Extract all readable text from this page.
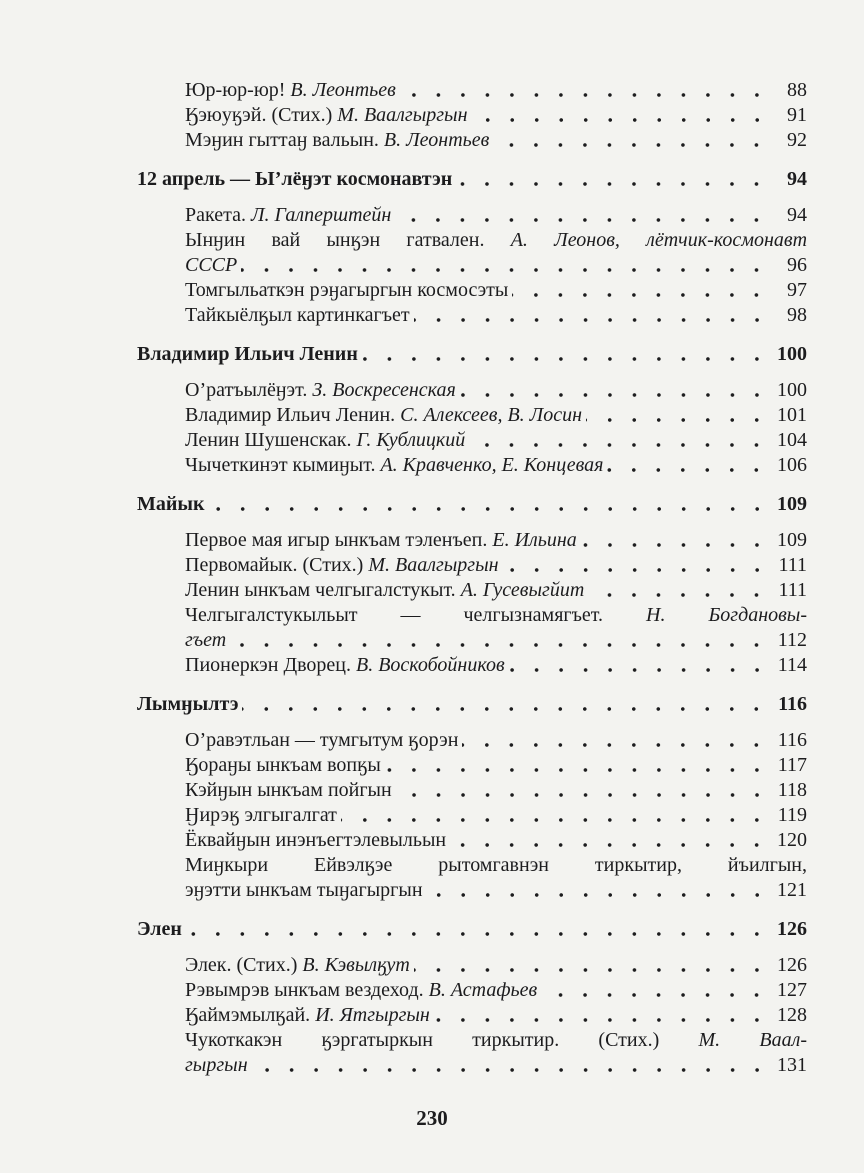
Юр-юр-юр! В. Леонтьев	88
Ӄэюуӄэй. (Стих.) М. Ваалгыргын	91
Мэӈин гыттаӈ вальын. В. Леонтьев	92
12 апрель — Ы’лёӈэт космонавтэн	94
Ракета. Л. Галперштейн	94
Ынӈин вай ынӄэн гатвален. А. Леонов, лётчик-космонавт
СССР	96
Томгыльаткэн рэӈагыргын космосэты	97
Тайкыёлӄыл картинкагъет	98
Владимир Ильич Ленин	100
О’ратъылёӈэт. З. Воскресенская	100
Владимир Ильич Ленин. С. Алексеев, В. Лосин	101
Ленин Шушенскак. Г. Кублицкий	104
Чычеткинэт кымиӈыт. А. Кравченко, Е. Концевая	106
Майык	109
Первое мая игыр ынкъам тэленъеп. Е. Ильина	109
Первомайык. (Стих.) М. Ваалгыргын	111
Ленин ынкъам челгыгалстукыт. А. Гусевыгйит	111
Челгыгалстукыльыт — челгызнамягъет. Н. Богдановы-
гъет	112
Пионеркэн Дворец. В. Воскобойников	114
Лымӈылтэ	116
О’равэтльан — тумгытум ӄорэн	116
Ӄораӈы ынкъам вопӄы	117
Кэйӈын ынкъам пойгын	118
Ӈирэӄ элгыгалгат	119
Ёквайӈын инэнъегтэлевыльын	120
Миӈкыри Ейвэлӄэе рытомгавнэн тиркытир, йъилгын,
эӈэтти ынкъам тыӈагыргын	121
Элен	126
Элек. (Стих.) В. Кэвылӄут	126
Рэвымрэв ынкъам вездеход. В. Астафьев	127
Ӄаймэмылӄай. И. Ятгыргын	128
Чукоткакэн ӄэргатыркын тиркытир. (Стих.) М. Ваал-
гыргын	131
230
